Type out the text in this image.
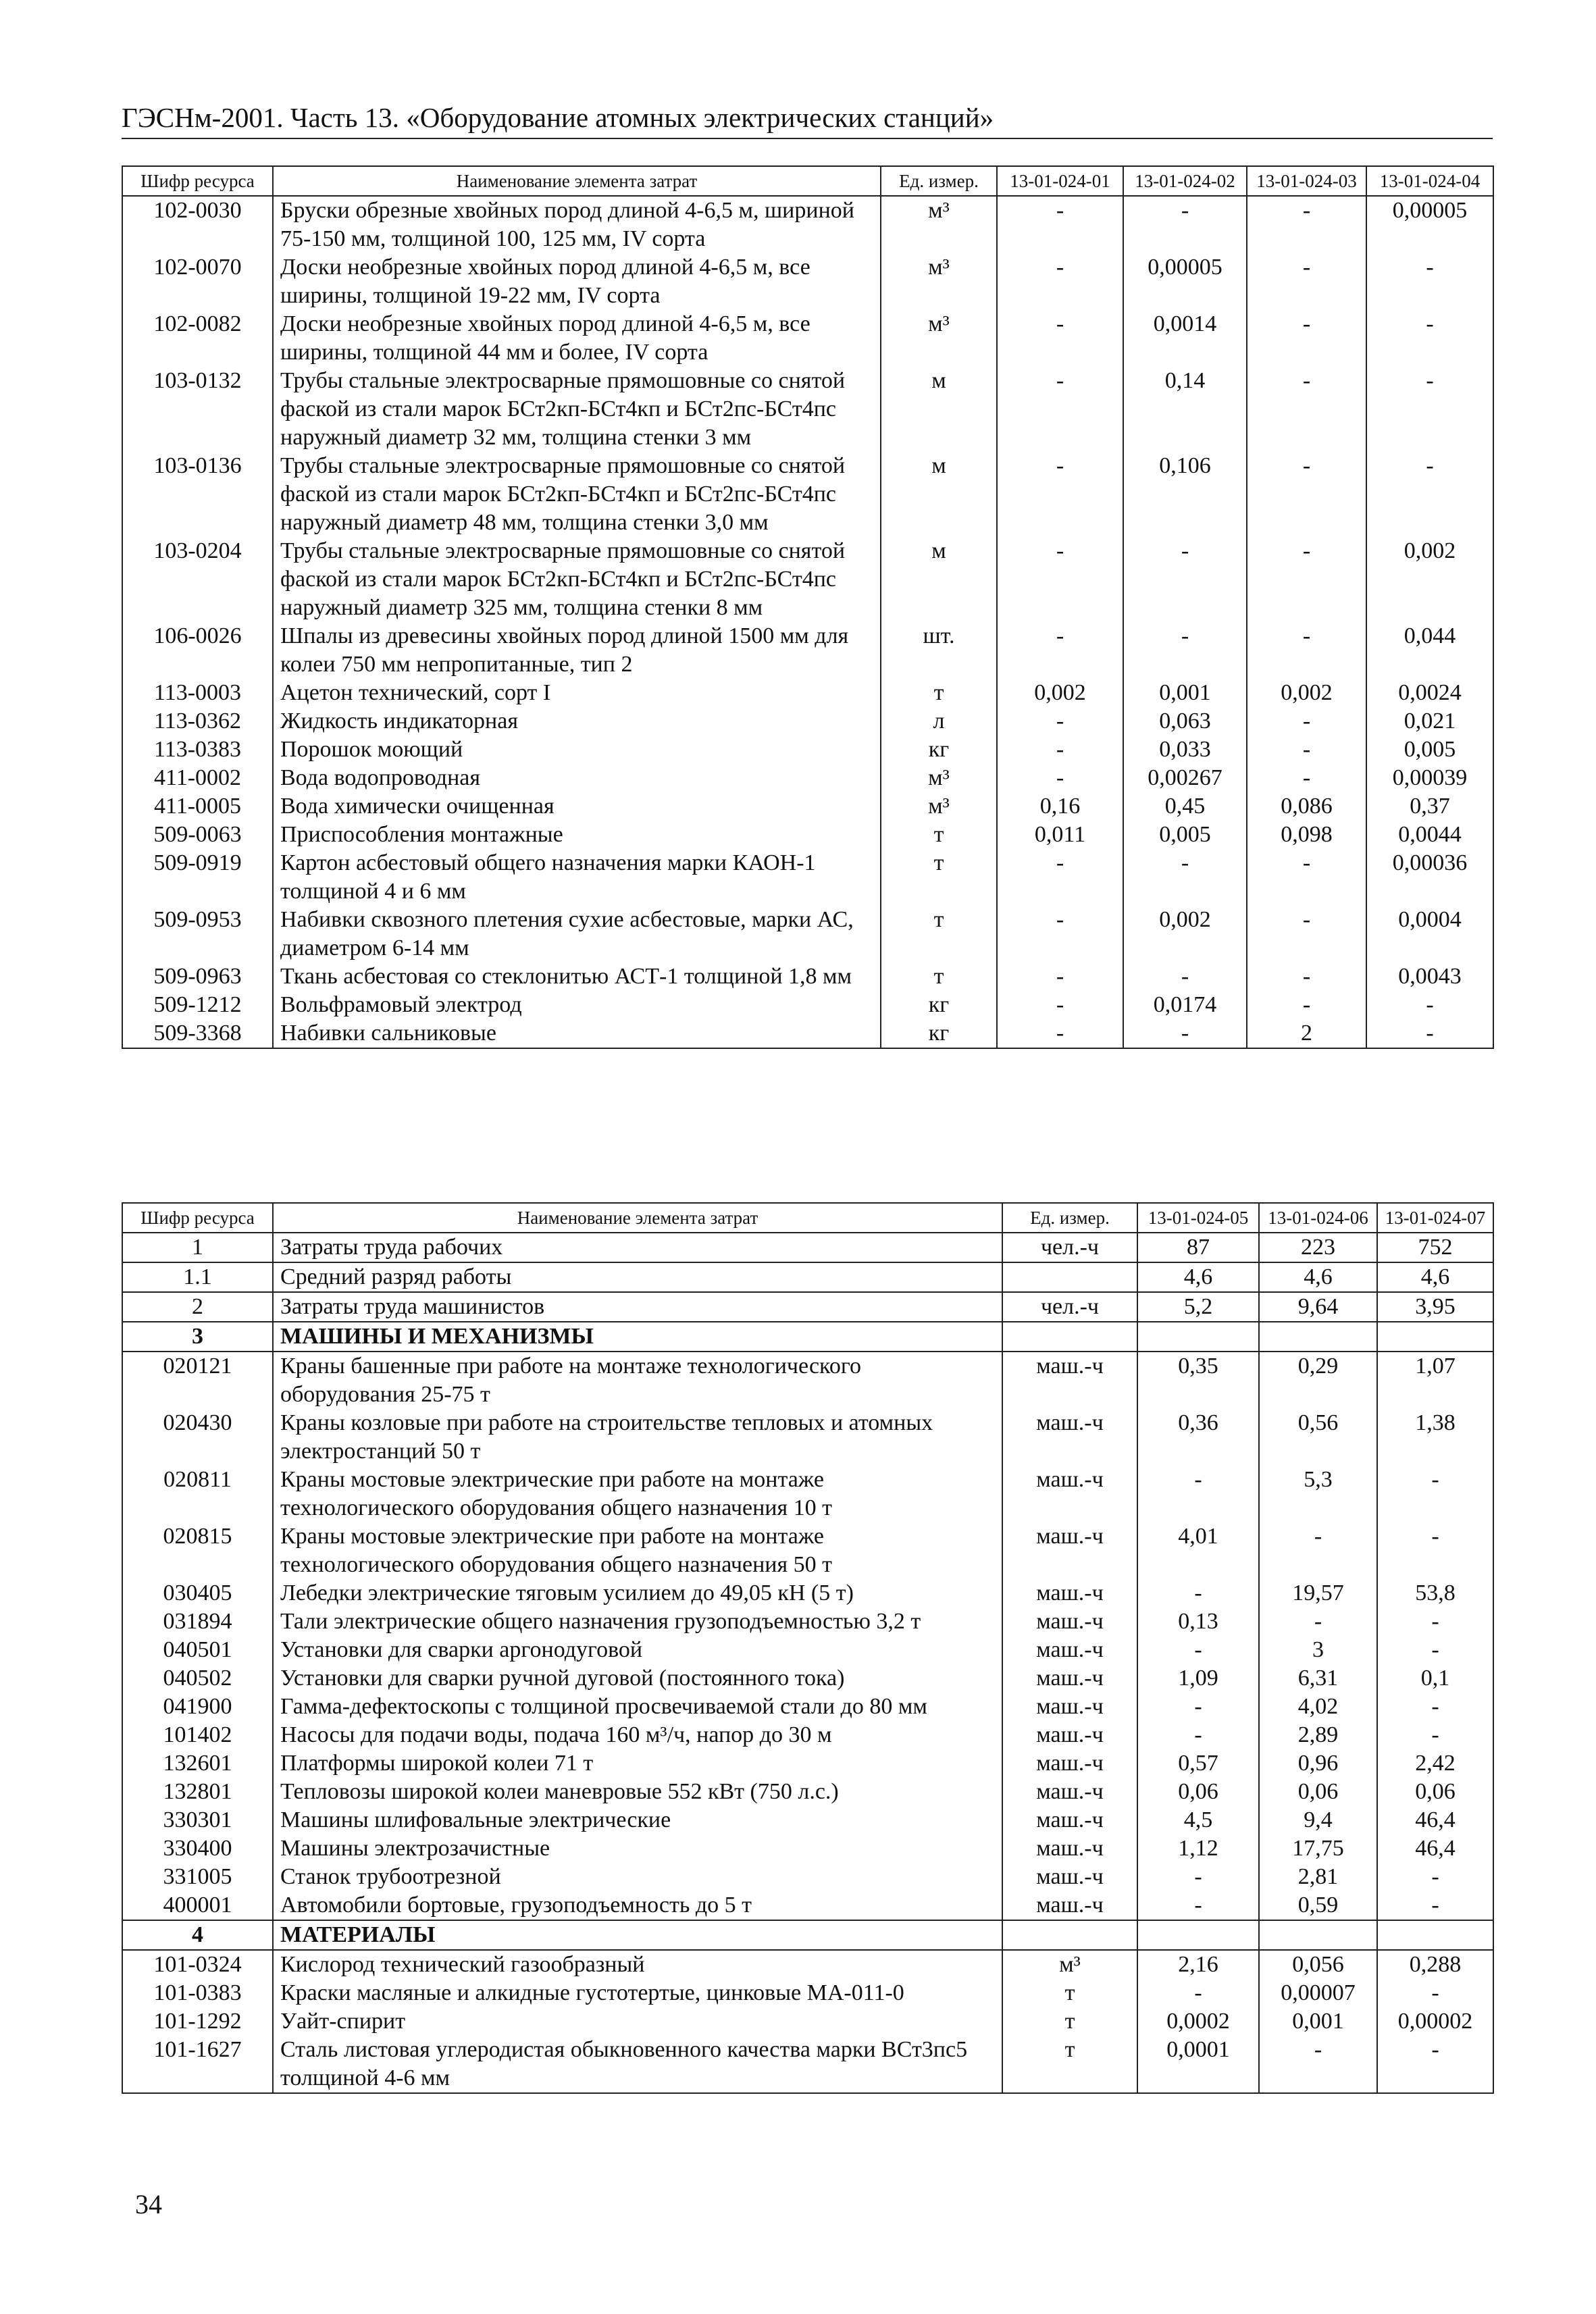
ГЭСНм-2001. Часть 13. «Оборудование атомных электрических станций»
Шифр ресурса	Наименование элемента затрат	Ед. измер.	13-01-024-01	13-01-024-02	13-01-024-03	13-01-024-04
102-0030	Бруски обрезные хвойных пород длиной 4-6,5 м, шириной 75-150 мм, толщиной 100, 125 мм, IV сорта	м³	-	-	-	0,00005
102-0070	Доски необрезные хвойных пород длиной 4-6,5 м, все ширины, толщиной 19-22 мм, IV сорта	м³	-	0,00005	-	-
102-0082	Доски необрезные хвойных пород длиной 4-6,5 м, все ширины, толщиной 44 мм и более, IV сорта	м³	-	0,0014	-	-
103-0132	Трубы стальные электросварные прямошовные со снятой фаской из стали марок БСт2кп-БСт4кп и БСт2пс-БСт4пс наружный диаметр 32 мм, толщина стенки 3 мм	м	-	0,14	-	-
103-0136	Трубы стальные электросварные прямошовные со снятой фаской из стали марок БСт2кп-БСт4кп и БСт2пс-БСт4пс наружный диаметр 48 мм, толщина стенки 3,0 мм	м	-	0,106	-	-
103-0204	Трубы стальные электросварные прямошовные со снятой фаской из стали марок БСт2кп-БСт4кп и БСт2пс-БСт4пс наружный диаметр 325 мм, толщина стенки 8 мм	м	-	-	-	0,002
106-0026	Шпалы из древесины хвойных пород длиной 1500 мм для колеи 750 мм непропитанные, тип 2	шт.	-	-	-	0,044
113-0003	Ацетон технический, сорт I	т	0,002	0,001	0,002	0,0024
113-0362	Жидкость индикаторная	л	-	0,063	-	0,021
113-0383	Порошок моющий	кг	-	0,033	-	0,005
411-0002	Вода водопроводная	м³	-	0,00267	-	0,00039
411-0005	Вода химически очищенная	м³	0,16	0,45	0,086	0,37
509-0063	Приспособления монтажные	т	0,011	0,005	0,098	0,0044
509-0919	Картон асбестовый общего назначения марки КАОН-1 толщиной 4 и 6 мм	т	-	-	-	0,00036
509-0953	Набивки сквозного плетения сухие асбестовые, марки АС, диаметром 6-14 мм	т	-	0,002	-	0,0004
509-0963	Ткань асбестовая со стеклонитью АСТ-1 толщиной 1,8 мм	т	-	-	-	0,0043
509-1212	Вольфрамовый электрод	кг	-	0,0174	-	-
509-3368	Набивки сальниковые	кг	-	-	2	-
Шифр ресурса	Наименование элемента затрат	Ед. измер.	13-01-024-05	13-01-024-06	13-01-024-07
1	Затраты труда рабочих	чел.-ч	87	223	752
1.1	Средний разряд работы		4,6	4,6	4,6
2	Затраты труда машинистов	чел.-ч	5,2	9,64	3,95
3	МАШИНЫ И МЕХАНИЗМЫ				
020121	Краны башенные при работе на монтаже технологического оборудования 25-75 т	маш.-ч	0,35	0,29	1,07
020430	Краны козловые при работе на строительстве тепловых и атомных электростанций 50 т	маш.-ч	0,36	0,56	1,38
020811	Краны мостовые электрические при работе на монтаже технологического оборудования общего назначения 10 т	маш.-ч	-	5,3	-
020815	Краны мостовые электрические при работе на монтаже технологического оборудования общего назначения 50 т	маш.-ч	4,01	-	-
030405	Лебедки электрические тяговым усилием до 49,05 кН (5 т)	маш.-ч	-	19,57	53,8
031894	Тали электрические общего назначения грузоподъемностью 3,2 т	маш.-ч	0,13	-	-
040501	Установки для сварки аргонодуговой	маш.-ч	-	3	-
040502	Установки для сварки ручной дуговой (постоянного тока)	маш.-ч	1,09	6,31	0,1
041900	Гамма-дефектоскопы с толщиной просвечиваемой стали до 80 мм	маш.-ч	-	4,02	-
101402	Насосы для подачи воды, подача 160 м³/ч, напор до 30 м	маш.-ч	-	2,89	-
132601	Платформы широкой колеи 71 т	маш.-ч	0,57	0,96	2,42
132801	Тепловозы широкой колеи маневровые 552 кВт (750 л.с.)	маш.-ч	0,06	0,06	0,06
330301	Машины шлифовальные электрические	маш.-ч	4,5	9,4	46,4
330400	Машины электрозачистные	маш.-ч	1,12	17,75	46,4
331005	Станок трубоотрезной	маш.-ч	-	2,81	-
400001	Автомобили бортовые, грузоподъемность до 5 т	маш.-ч	-	0,59	-
4	МАТЕРИАЛЫ				
101-0324	Кислород технический газообразный	м³	2,16	0,056	0,288
101-0383	Краски масляные и алкидные густотертые, цинковые МА-011-0	т	-	0,00007	-
101-1292	Уайт-спирит	т	0,0002	0,001	0,00002
101-1627	Сталь листовая углеродистая обыкновенного качества марки ВСт3пс5 толщиной 4-6 мм	т	0,0001	-	-
34
